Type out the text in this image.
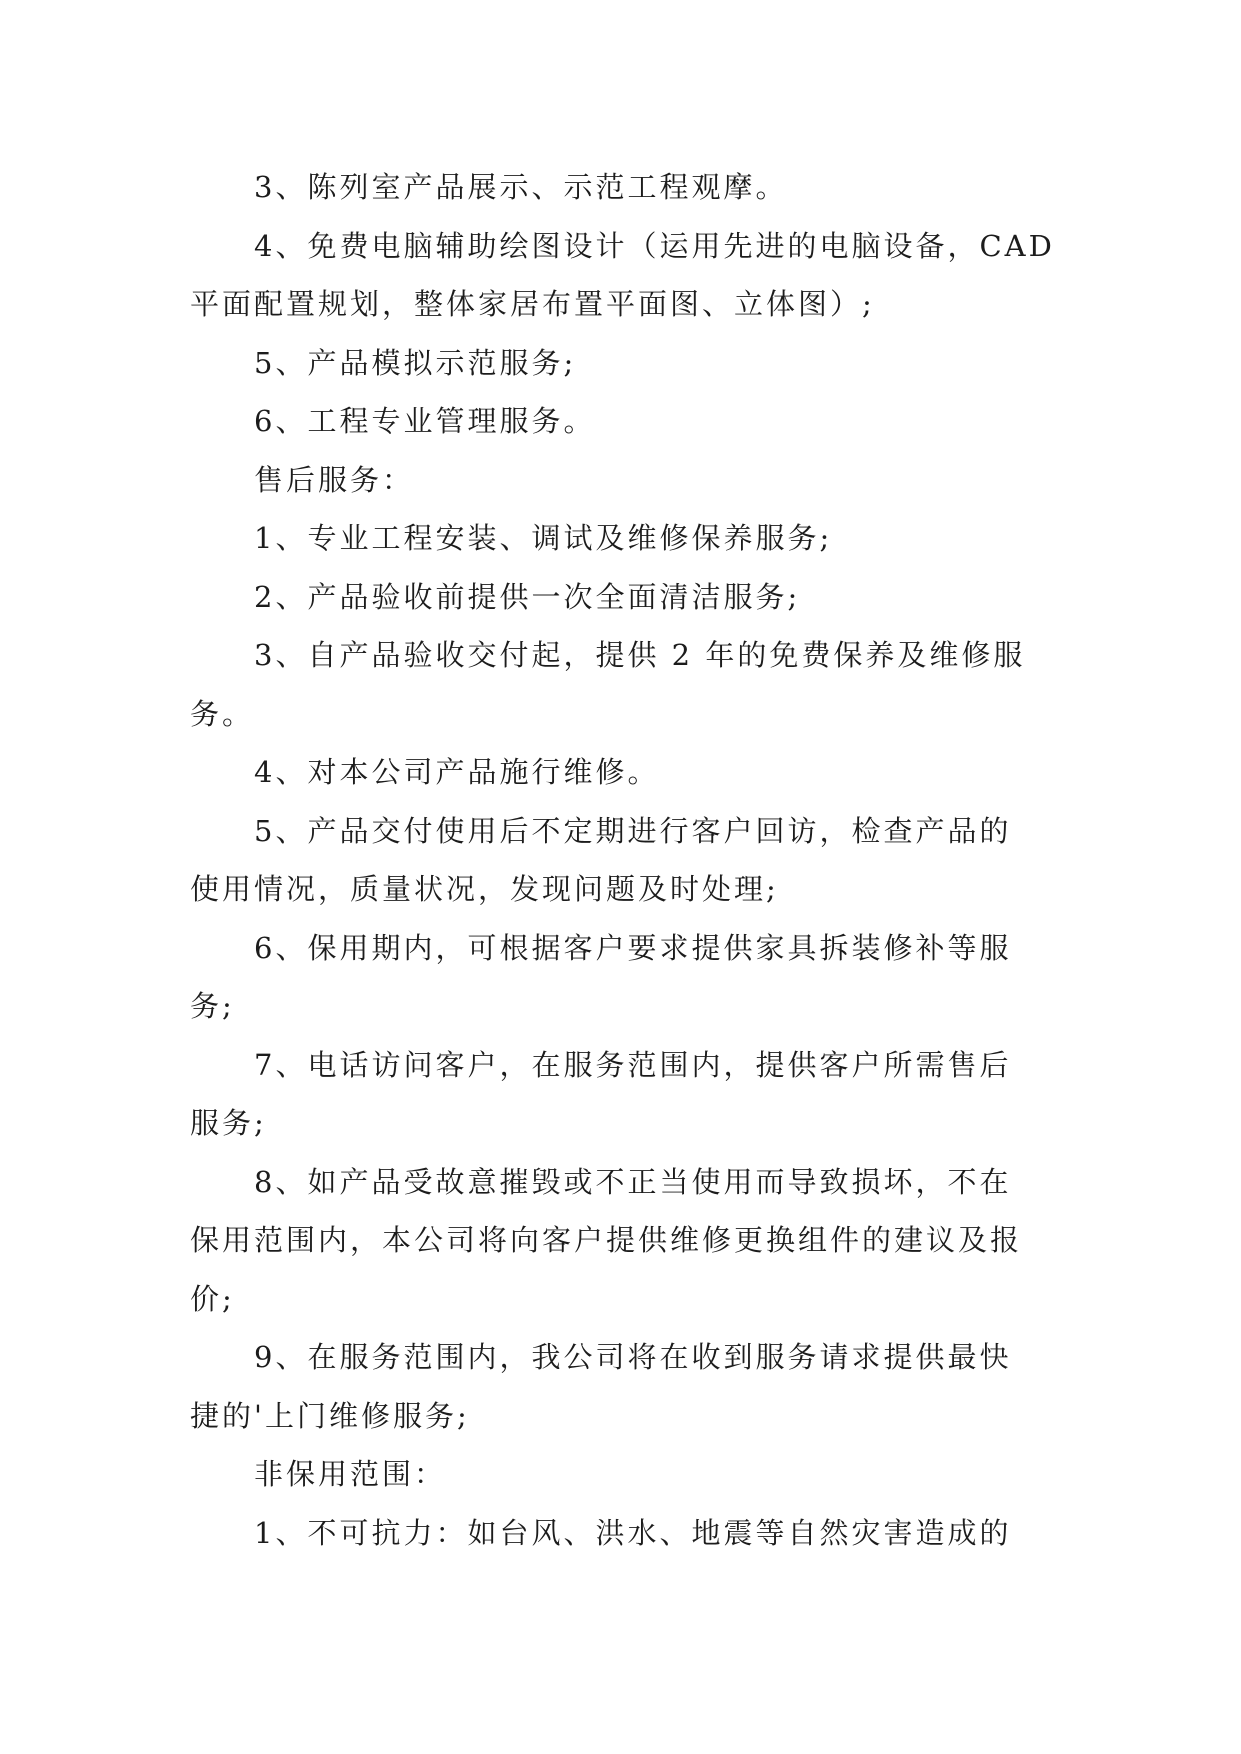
3、陈列室产品展示、示范工程观摩。

4、免费电脑辅助绘图设计（运用先进的电脑设备，CAD
平面配置规划，整体家居布置平面图、立体图）;

5、产品模拟示范服务;

6、工程专业管理服务。

售后服务：

1、专业工程安装、调试及维修保养服务;

2、产品验收前提供一次全面清洁服务;

3、自产品验收交付起，提供 2 年的免费保养及维修服
务。

4、对本公司产品施行维修。

5、产品交付使用后不定期进行客户回访，检查产品的
使用情况，质量状况，发现问题及时处理;

6、保用期内，可根据客户要求提供家具拆装修补等服
务;

7、电话访问客户，在服务范围内，提供客户所需售后
服务;

8、如产品受故意摧毁或不正当使用而导致损坏，不在
保用范围内，本公司将向客户提供维修更换组件的建议及报
价;

9、在服务范围内，我公司将在收到服务请求提供最快
捷的'上门维修服务;

非保用范围：

1、不可抗力：如台风、洪水、地震等自然灾害造成的
